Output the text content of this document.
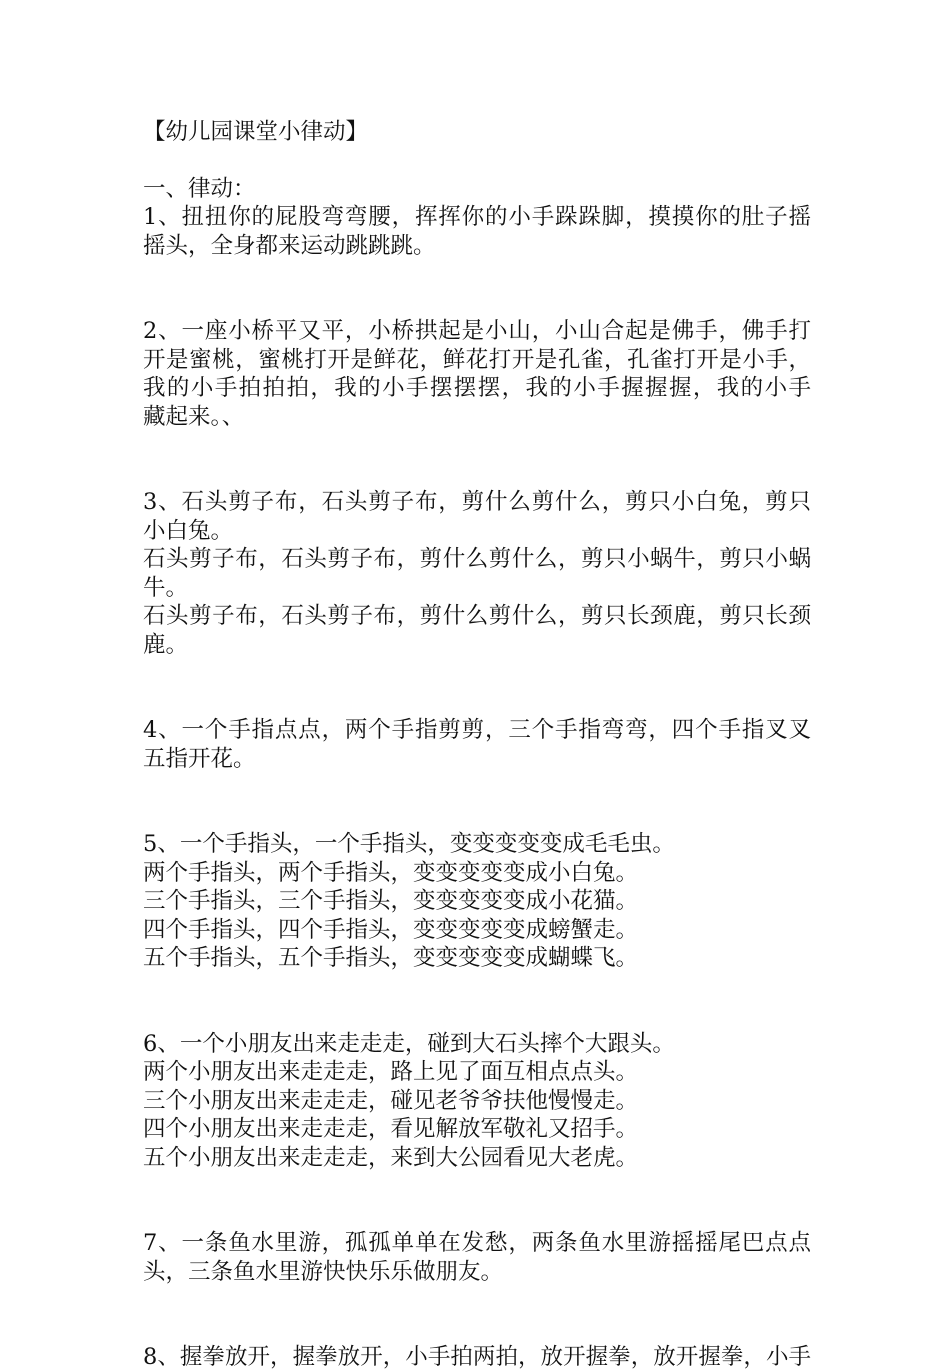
【幼儿园课堂小律动】
一、律动：
1、扭扭你的屁股弯弯腰，挥挥你的小手跺跺脚，摸摸你的肚子摇
摇头，全身都来运动跳跳跳。
2、一座小桥平又平，小桥拱起是小山，小山合起是佛手，佛手打
开是蜜桃，蜜桃打开是鲜花，鲜花打开是孔雀，孔雀打开是小手，
我的小手拍拍拍，我的小手摆摆摆，我的小手握握握，我的小手
藏起来。、
3、石头剪子布，石头剪子布，剪什么剪什么，剪只小白兔，剪只
小白兔。
石头剪子布，石头剪子布，剪什么剪什么，剪只小蜗牛，剪只小蜗
牛。
石头剪子布，石头剪子布，剪什么剪什么，剪只长颈鹿，剪只长颈
鹿。
4、一个手指点点，两个手指剪剪，三个手指弯弯，四个手指叉叉
五指开花。
5、一个手指头，一个手指头，变变变变变成毛毛虫。
两个手指头，两个手指头，变变变变变成小白兔。
三个手指头，三个手指头，变变变变变成小花猫。
四个手指头，四个手指头，变变变变变成螃蟹走。
五个手指头，五个手指头，变变变变变成蝴蝶飞。
6、一个小朋友出来走走走，碰到大石头摔个大跟头。
两个小朋友出来走走走，路上见了面互相点点头。
三个小朋友出来走走走，碰见老爷爷扶他慢慢走。
四个小朋友出来走走走，看见解放军敬礼又招手。
五个小朋友出来走走走，来到大公园看见大老虎。
7、一条鱼水里游，孤孤单单在发愁，两条鱼水里游摇摇尾巴点点
头，三条鱼水里游快快乐乐做朋友。
8、握拳放开，握拳放开，小手拍两拍，放开握拳，放开握拳，小手
